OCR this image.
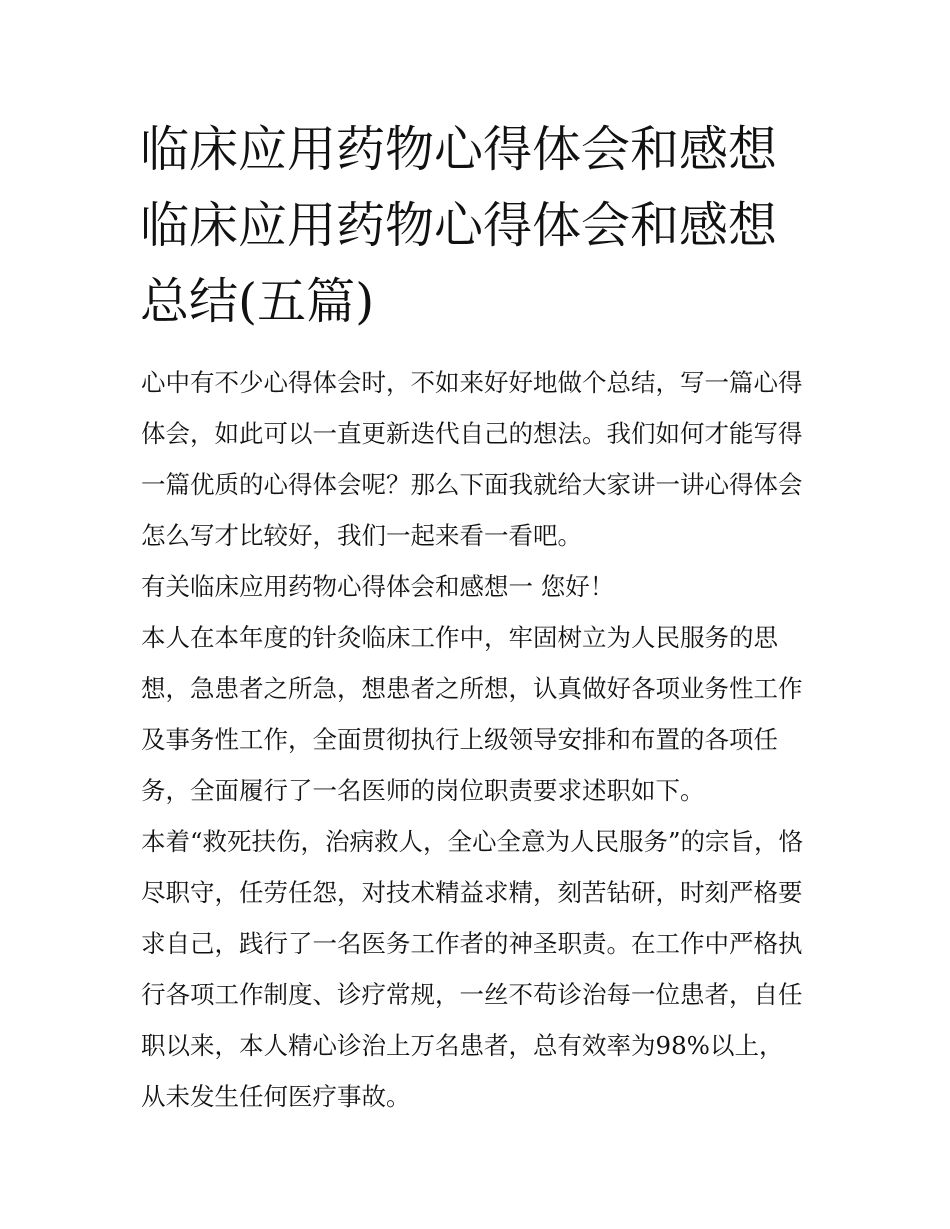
临床应用药物心得体会和感想
临床应用药物心得体会和感想
总结(五篇)

心中有不少心得体会时，不如来好好地做个总结，写一篇心得
体会，如此可以一直更新迭代自己的想法。我们如何才能写得
一篇优质的心得体会呢？那么下面我就给大家讲一讲心得体会
怎么写才比较好，我们一起来看一看吧。

有关临床应用药物心得体会和感想一 您好！

本人在本年度的针灸临床工作中，牢固树立为人民服务的思
想，急患者之所急，想患者之所想，认真做好各项业务性工作
及事务性工作，全面贯彻执行上级领导安排和布置的各项任
务，全面履行了一名医师的岗位职责要求述职如下。

本着“救死扶伤，治病救人，全心全意为人民服务”的宗旨，恪
尽职守，任劳任怨，对技术精益求精，刻苦钻研，时刻严格要
求自己，践行了一名医务工作者的神圣职责。在工作中严格执
行各项工作制度、诊疗常规，一丝不苟诊治每一位患者，自任
职以来，本人精心诊治上万名患者，总有效率为98%以上，
从未发生任何医疗事故。
